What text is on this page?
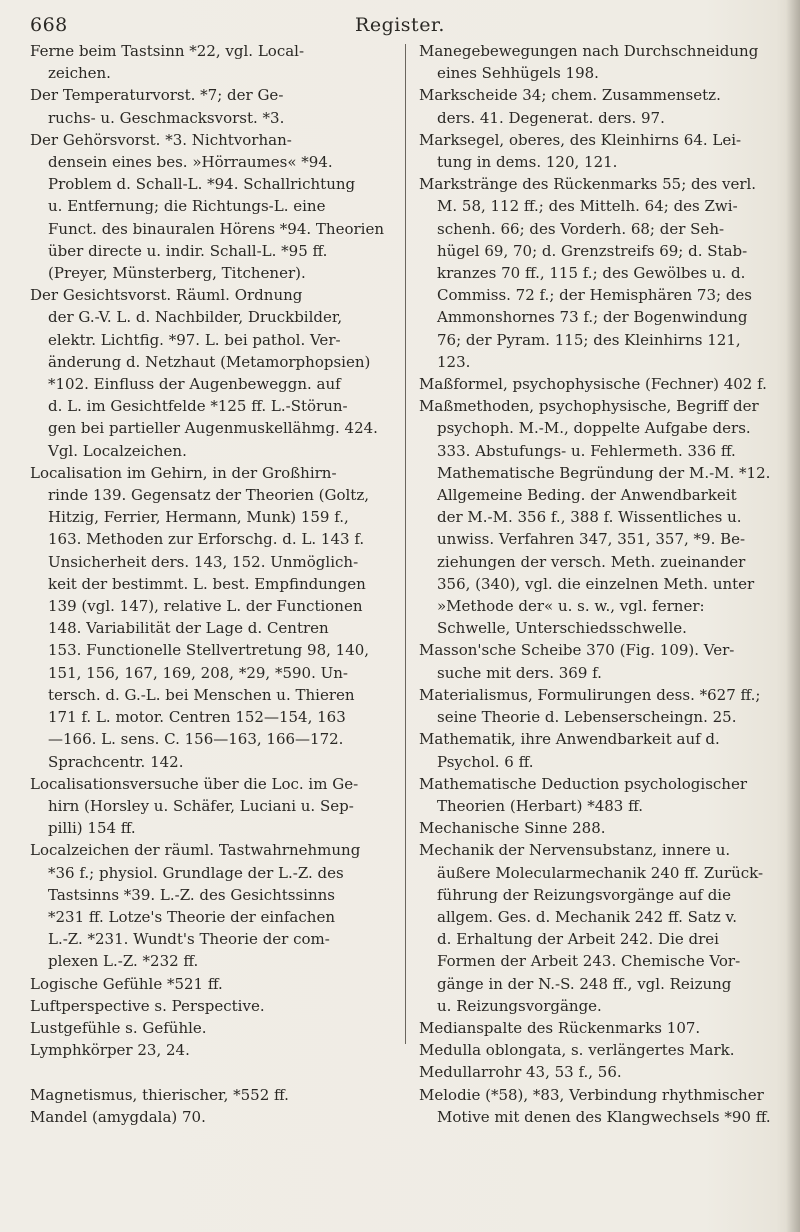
668	Register.
Ferne beim Tastsinn *22, vgl. Local-
zeichen.
Der Temperaturvorst. *7; der Ge-
ruchs- u. Geschmacksvorst. *3.
Der Gehörsvorst. *3. Nichtvorhan-
densein eines bes. »Hörraumes« *94.
Problem d. Schall-L. *94. Schallrichtung
u. Entfernung; die Richtungs-L. eine
Funct. des binauralen Hörens *94. Theorien
über directe u. indir. Schall-L. *95 ff.
(Preyer, Münsterberg, Titchener).
Der Gesichtsvorst. Räuml. Ordnung
der G.-V. L. d. Nachbilder, Druckbilder,
elektr. Lichtfig. *97. L. bei pathol. Ver-
änderung d. Netzhaut (Metamorphopsien)
*102. Einfluss der Augenbeweggn. auf
d. L. im Gesichtfelde *125 ff. L.-Störun-
gen bei partieller Augenmuskellähmg. 424.
Vgl. Localzeichen.
Localisation im Gehirn, in der Großhirn-
rinde 139. Gegensatz der Theorien (Goltz,
Hitzig, Ferrier, Hermann, Munk) 159 f.,
163. Methoden zur Erforschg. d. L. 143 f.
Unsicherheit ders. 143, 152. Unmöglich-
keit der bestimmt. L. best. Empfindungen
139 (vgl. 147), relative L. der Functionen
148. Variabilität der Lage d. Centren
153. Functionelle Stellvertretung 98, 140,
151, 156, 167, 169, 208, *29, *590. Un-
tersch. d. G.-L. bei Menschen u. Thieren
171 f. L. motor. Centren 152—154, 163
—166. L. sens. C. 156—163, 166—172.
Sprachcentr. 142.
Localisationsversuche über die Loc. im Ge-
hirn (Horsley u. Schäfer, Luciani u. Sep-
pilli) 154 ff.
Localzeichen der räuml. Tastwahrnehmung
*36 f.; physiol. Grundlage der L.-Z. des
Tastsinns *39. L.-Z. des Gesichtssinns
*231 ff. Lotze's Theorie der einfachen
L.-Z. *231. Wundt's Theorie der com-
plexen L.-Z. *232 ff.
Logische Gefühle *521 ff.
Luftperspective s. Perspective.
Lustgefühle s. Gefühle.
Lymphkörper 23, 24.

Magnetismus, thierischer, *552 ff.
Mandel (amygdala) 70.
Manegebewegungen nach Durchschneidung
eines Sehhügels 198.
Markscheide 34; chem. Zusammensetz.
ders. 41. Degenerat. ders. 97.
Marksegel, oberes, des Kleinhirns 64. Lei-
tung in dems. 120, 121.
Markstränge des Rückenmarks 55; des verl.
M. 58, 112 ff.; des Mittelh. 64; des Zwi-
schenh. 66; des Vorderh. 68; der Seh-
hügel 69, 70; d. Grenzstreifs 69; d. Stab-
kranzes 70 ff., 115 f.; des Gewölbes u. d.
Commiss. 72 f.; der Hemisphären 73; des
Ammonshornes 73 f.; der Bogenwindung
76; der Pyram. 115; des Kleinhirns 121,
123.
Maßformel, psychophysische (Fechner) 402 f.
Maßmethoden, psychophysische, Begriff der
psychoph. M.-M., doppelte Aufgabe ders.
333. Abstufungs- u. Fehlermeth. 336 ff.
Mathematische Begründung der M.-M. *12.
Allgemeine Beding. der Anwendbarkeit
der M.-M. 356 f., 388 f. Wissentliches u.
unwiss. Verfahren 347, 351, 357, *9. Be-
ziehungen der versch. Meth. zueinander
356, (340), vgl. die einzelnen Meth. unter
»Methode der« u. s. w., vgl. ferner:
Schwelle, Unterschiedsschwelle.
Masson'sche Scheibe 370 (Fig. 109). Ver-
suche mit ders. 369 f.
Materialismus, Formulirungen dess. *627 ff.;
seine Theorie d. Lebenserscheingn. 25.
Mathematik, ihre Anwendbarkeit auf d.
Psychol. 6 ff.
Mathematische Deduction psychologischer
Theorien (Herbart) *483 ff.
Mechanische Sinne 288.
Mechanik der Nervensubstanz, innere u.
äußere Molecularmechanik 240 ff. Zurück-
führung der Reizungsvorgänge auf die
allgem. Ges. d. Mechanik 242 ff. Satz v.
d. Erhaltung der Arbeit 242. Die drei
Formen der Arbeit 243. Chemische Vor-
gänge in der N.-S. 248 ff., vgl. Reizung
u. Reizungsvorgänge.
Medianspalte des Rückenmarks 107.
Medulla oblongata, s. verlängertes Mark.
Medullarrohr 43, 53 f., 56.
Melodie (*58), *83, Verbindung rhythmischer
Motive mit denen des Klangwechsels *90 ff.
